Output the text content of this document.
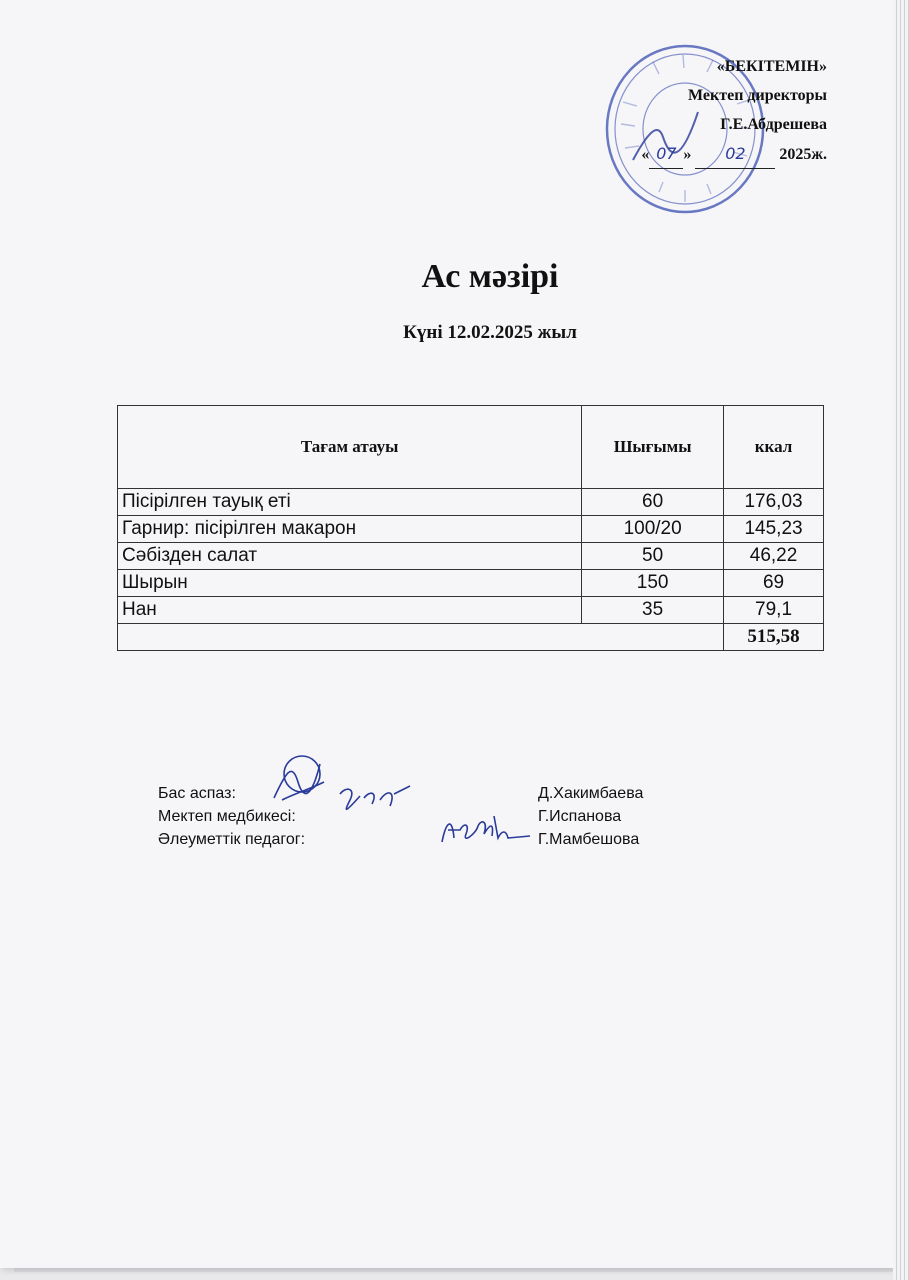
«БЕКІТЕМІН»
Мектеп директоры
Г.Е.Абдрешева
« 07 » 02 2025ж.
Ас мәзірі
Күні 12.02.2025 жыл
Тағам атауы	Шығымы	ккал
Пісірілген тауық еті	60	176,03
Гарнир: пісірілген макарон	100/20	145,23
Сәбізден салат	50	46,22
Шырын	150	69
Нан	35	79,1
		515,58
Бас аспаз:	Д.Хакимбаева
Мектеп медбикесі:	Г.Испанова
Әлеуметтік педагог:	Г.Мамбешова
